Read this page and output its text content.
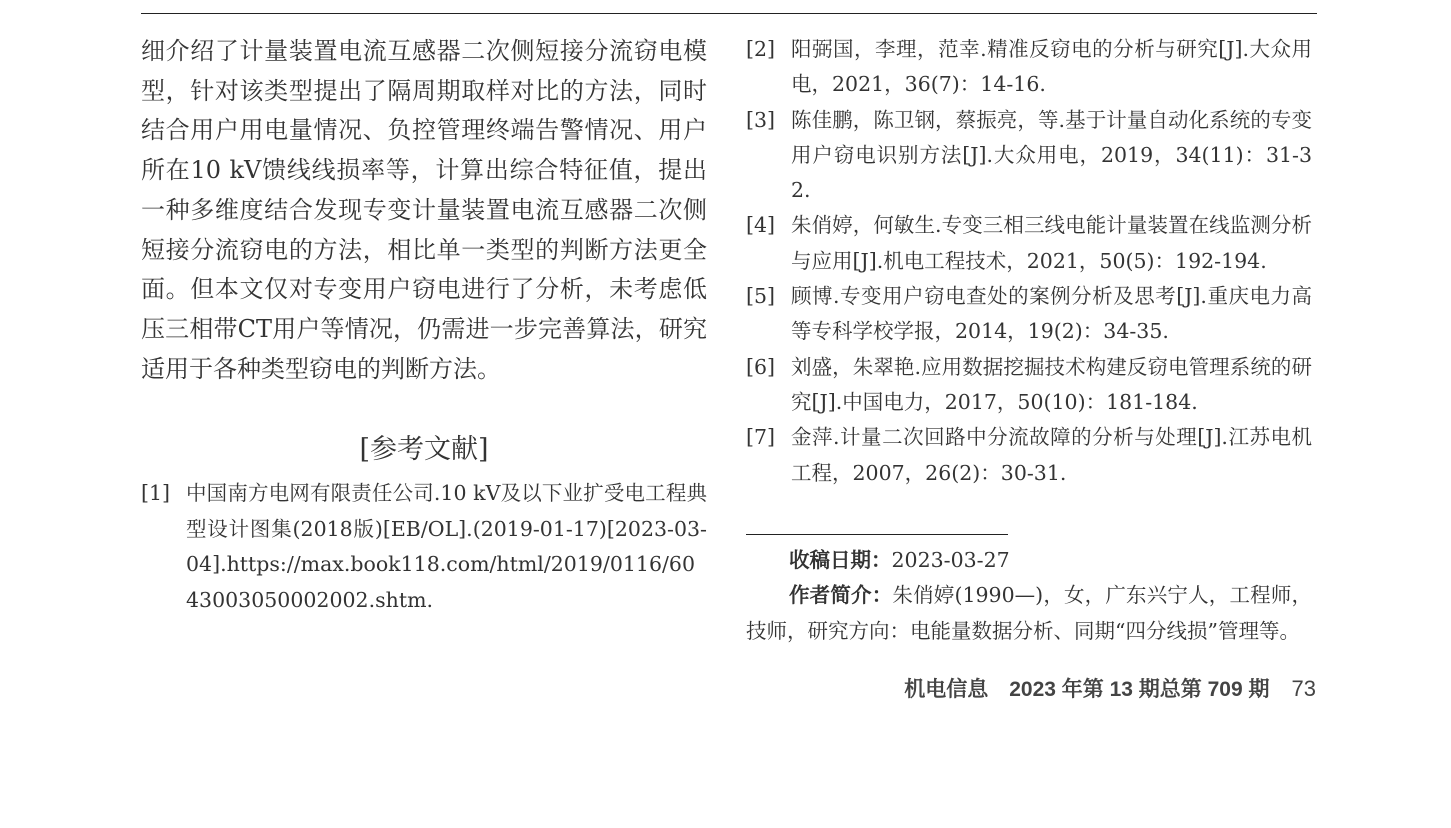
细介绍了计量装置电流互感器二次侧短接分流窃电模型，针对该类型提出了隔周期取样对比的方法，同时结合用户用电量情况、负控管理终端告警情况、用户所在10 kV馈线线损率等，计算出综合特征值，提出一种多维度结合发现专变计量装置电流互感器二次侧短接分流窃电的方法，相比单一类型的判断方法更全面。但本文仅对专变用户窃电进行了分析，未考虑低压三相带CT用户等情况，仍需进一步完善算法，研究适用于各种类型窃电的判断方法。

[参考文献]
[1] 中国南方电网有限责任公司.10 kV及以下业扩受电工程典型设计图集(2018版)[EB/OL].(2019-01-17)[2023-03-04].https://max.book118.com/html/2019/0116/6043003050002002.shtm.
[2] 阳弼国，李理，范幸.精准反窃电的分析与研究[J].大众用电，2021，36(7)：14-16.
[3] 陈佳鹏，陈卫钢，蔡振亮，等.基于计量自动化系统的专变用户窃电识别方法[J].大众用电，2019，34(11)：31-32.
[4] 朱俏婷，何敏生.专变三相三线电能计量装置在线监测分析与应用[J].机电工程技术，2021，50(5)：192-194.
[5] 顾博.专变用户窃电查处的案例分析及思考[J].重庆电力高等专科学校学报，2014，19(2)：34-35.
[6] 刘盛，朱翠艳.应用数据挖掘技术构建反窃电管理系统的研究[J].中国电力，2017，50(10)：181-184.
[7] 金萍.计量二次回路中分流故障的分析与处理[J].江苏电机工程，2007，26(2)：30-31.

收稿日期：2023-03-27

作者简介：朱俏婷(1990—)，女，广东兴宁人，工程师，技师，研究方向：电能量数据分析、同期“四分线损”管理等。

机电信息　2023 年第 13 期总第 709 期 73
